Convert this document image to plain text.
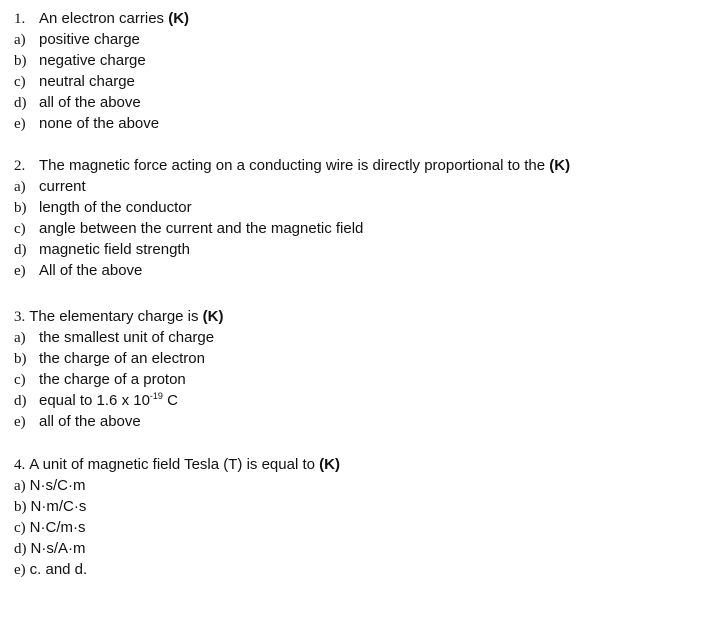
1. An electron carries (K)
a) positive charge
b) negative charge
c) neutral charge
d) all of the above
e) none of the above
2. The magnetic force acting on a conducting wire is directly proportional to the (K)
a) current
b) length of the conductor
c) angle between the current and the magnetic field
d) magnetic field strength
e) All of the above
3. The elementary charge is (K)
a) the smallest unit of charge
b) the charge of an electron
c) the charge of a proton
d) equal to 1.6 x $10^{-19}$ C
e) all of the above
4. A unit of magnetic field Tesla (T) is equal to (K)
a) N·s/C·m
b) N·m/C·s
c) N·C/m·s
d) N·s/A·m
e) c. and d.
